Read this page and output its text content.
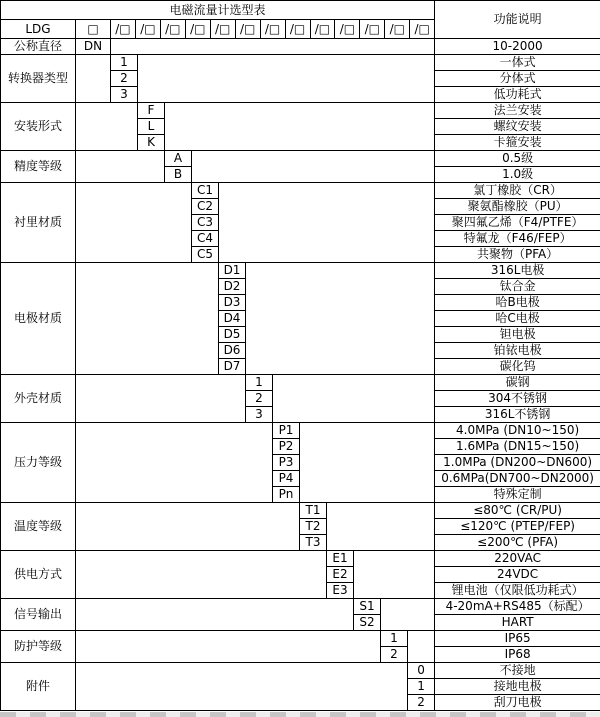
电磁流量计选型表														功能说明
LDG	□	/□ /□ /□ /□ /□ /□ /□ /□ /□ /□ /□ /□ /□

公称直径	DN													10-2000
转换器类型		1												一体式
		2												分体式
		3												低功耗式
安装形式			F											法兰安装
			L											螺纹安装
			K											卡箍安装
精度等级				A										0.5级
				B										1.0级
衬里材质					C1									氯丁橡胶（CR）
					C2									聚氨酯橡胶（PU）
					C3									聚四氟乙烯（F4/PTFE）
					C4									特氟龙（F46/FEP）
					C5									共聚物（PFA）
电极材质						D1								316L电极
						D2								钛合金
						D3								哈B电极
						D4								哈C电极
						D5								钽电极
						D6								铂铱电极
						D7								碳化钨
外壳材质							1							碳钢
							2							304不锈钢
							3							316L不锈钢
压力等级								P1						4.0MPa (DN10~150)
								P2						1.6MPa (DN15~150)
								P3						1.0MPa (DN200~DN600)
								P4						0.6MPa(DN700~DN2000)
								Pn						特殊定制
温度等级									T1					≤80℃ (CR/PU)
									T2					≤120℃ (PTEP/FEP)
									T3					≤200℃ (PFA)
供电方式										E1				220VAC
										E2				24VDC
										E3				锂电池（仅限低功耗式）
信号输出											S1			4-20mA+RS485（标配）
											S2			HART
防护等级												1		IP65
												2		IP68
附件													0	不接地
													1	接地电极
													2	刮刀电极
